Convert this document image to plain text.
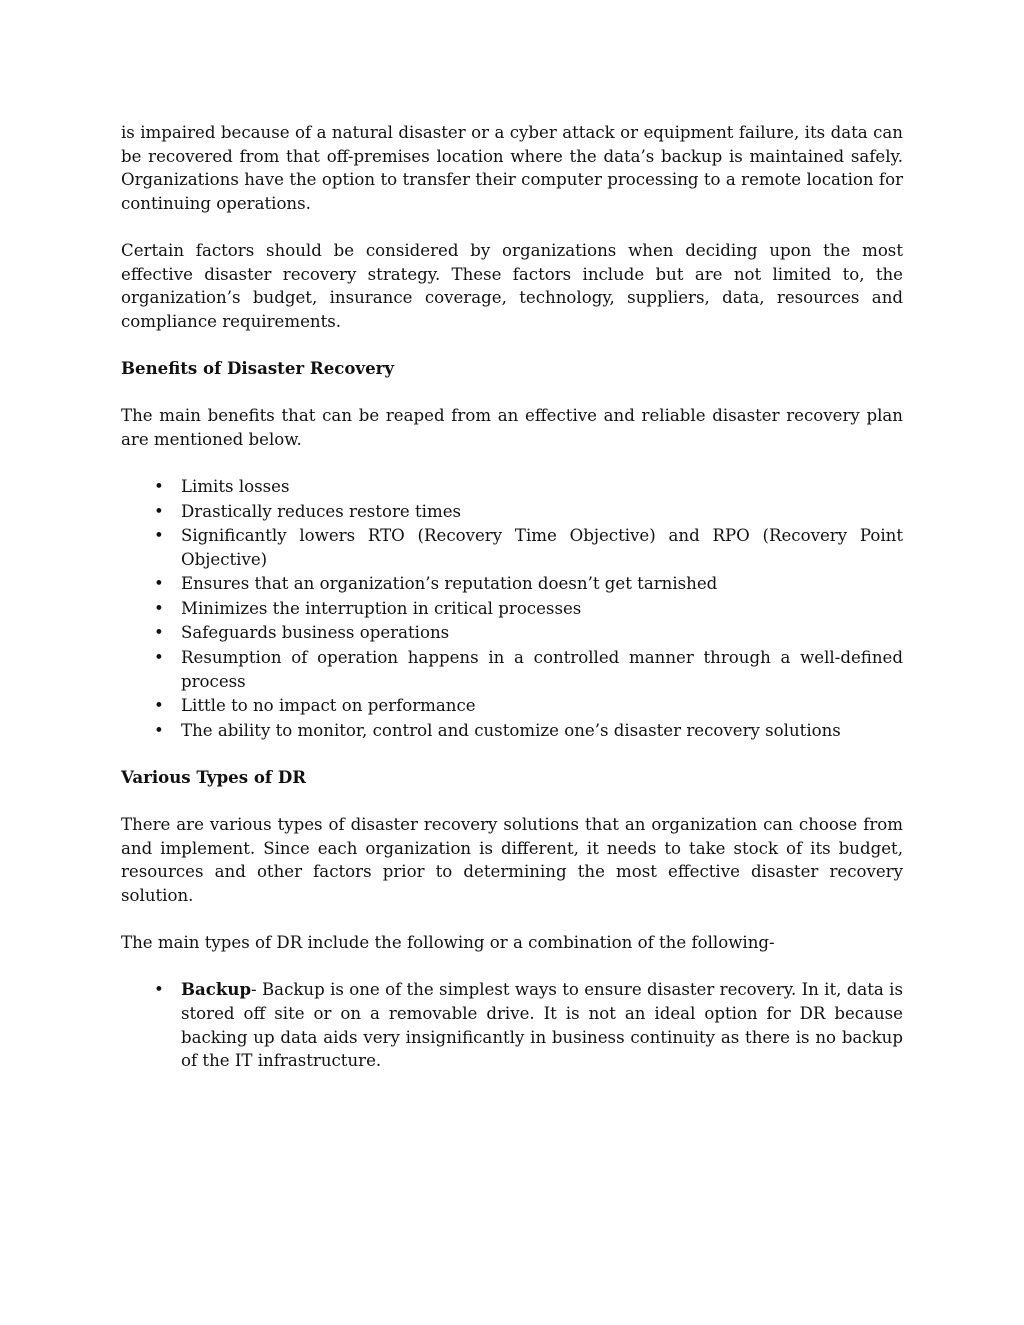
is impaired because of a natural disaster or a cyber attack or equipment failure, its data can be recovered from that off-premises location where the data’s backup is maintained safely. Organizations have the option to transfer their computer processing to a remote location for continuing operations.

Certain factors should be considered by organizations when deciding upon the most effective disaster recovery strategy. These factors include but are not limited to, the organization’s budget, insurance coverage, technology, suppliers, data, resources and compliance requirements.

Benefits of Disaster Recovery

The main benefits that can be reaped from an effective and reliable disaster recovery plan are mentioned below.

• Limits losses
• Drastically reduces restore times
• Significantly lowers RTO (Recovery Time Objective) and RPO (Recovery Point Objective)
• Ensures that an organization’s reputation doesn’t get tarnished
• Minimizes the interruption in critical processes
• Safeguards business operations
• Resumption of operation happens in a controlled manner through a well-defined process
• Little to no impact on performance
• The ability to monitor, control and customize one’s disaster recovery solutions
Various Types of DR

There are various types of disaster recovery solutions that an organization can choose from and implement. Since each organization is different, it needs to take stock of its budget, resources and other factors prior to determining the most effective disaster recovery solution.

The main types of DR include the following or a combination of the following-

• Backup- Backup is one of the simplest ways to ensure disaster recovery. In it, data is stored off site or on a removable drive. It is not an ideal option for DR because backing up data aids very insignificantly in business continuity as there is no backup of the IT infrastructure.
